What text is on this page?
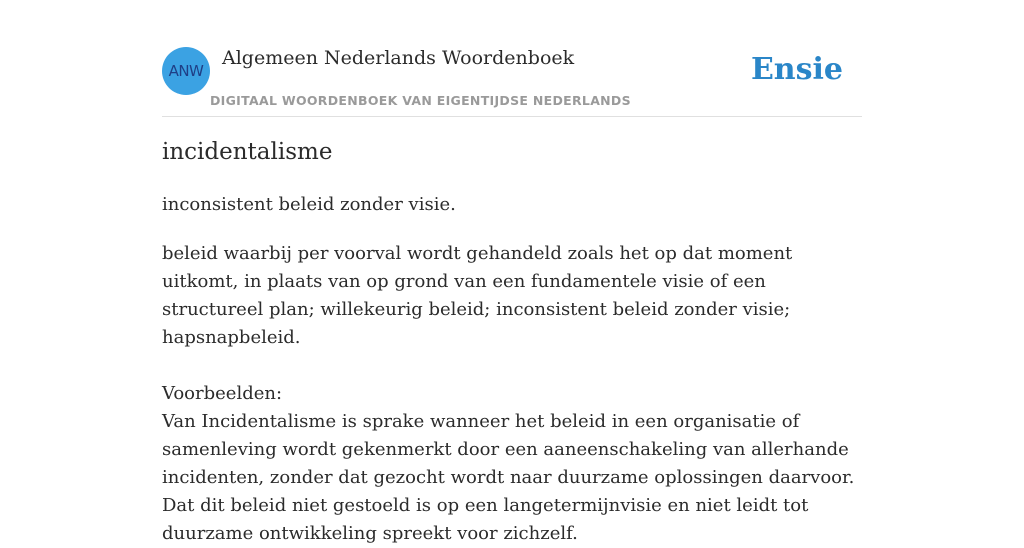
ANW
Algemeen Nederlands Woordenboek
DIGITAAL WOORDENBOEK VAN EIGENTIJDSE NEDERLANDS
Ensie
incidentalisme
inconsistent beleid zonder visie.

beleid waarbij per voorval wordt gehandeld zoals het op dat moment uitkomt, in plaats van op grond van een fundamentele visie of een structureel plan; willekeurig beleid; inconsistent beleid zonder visie; hapsnapbeleid.

Voorbeelden:

Van Incidentalisme is sprake wanneer het beleid in een organisatie of samenleving wordt gekenmerkt door een aaneenschakeling van allerhande incidenten, zonder dat gezocht wordt naar duurzame oplossingen daarvoor. Dat dit beleid niet gestoeld is op een langetermijnvisie en niet leidt tot duurzame ontwikkeling spreekt voor zichzelf.
